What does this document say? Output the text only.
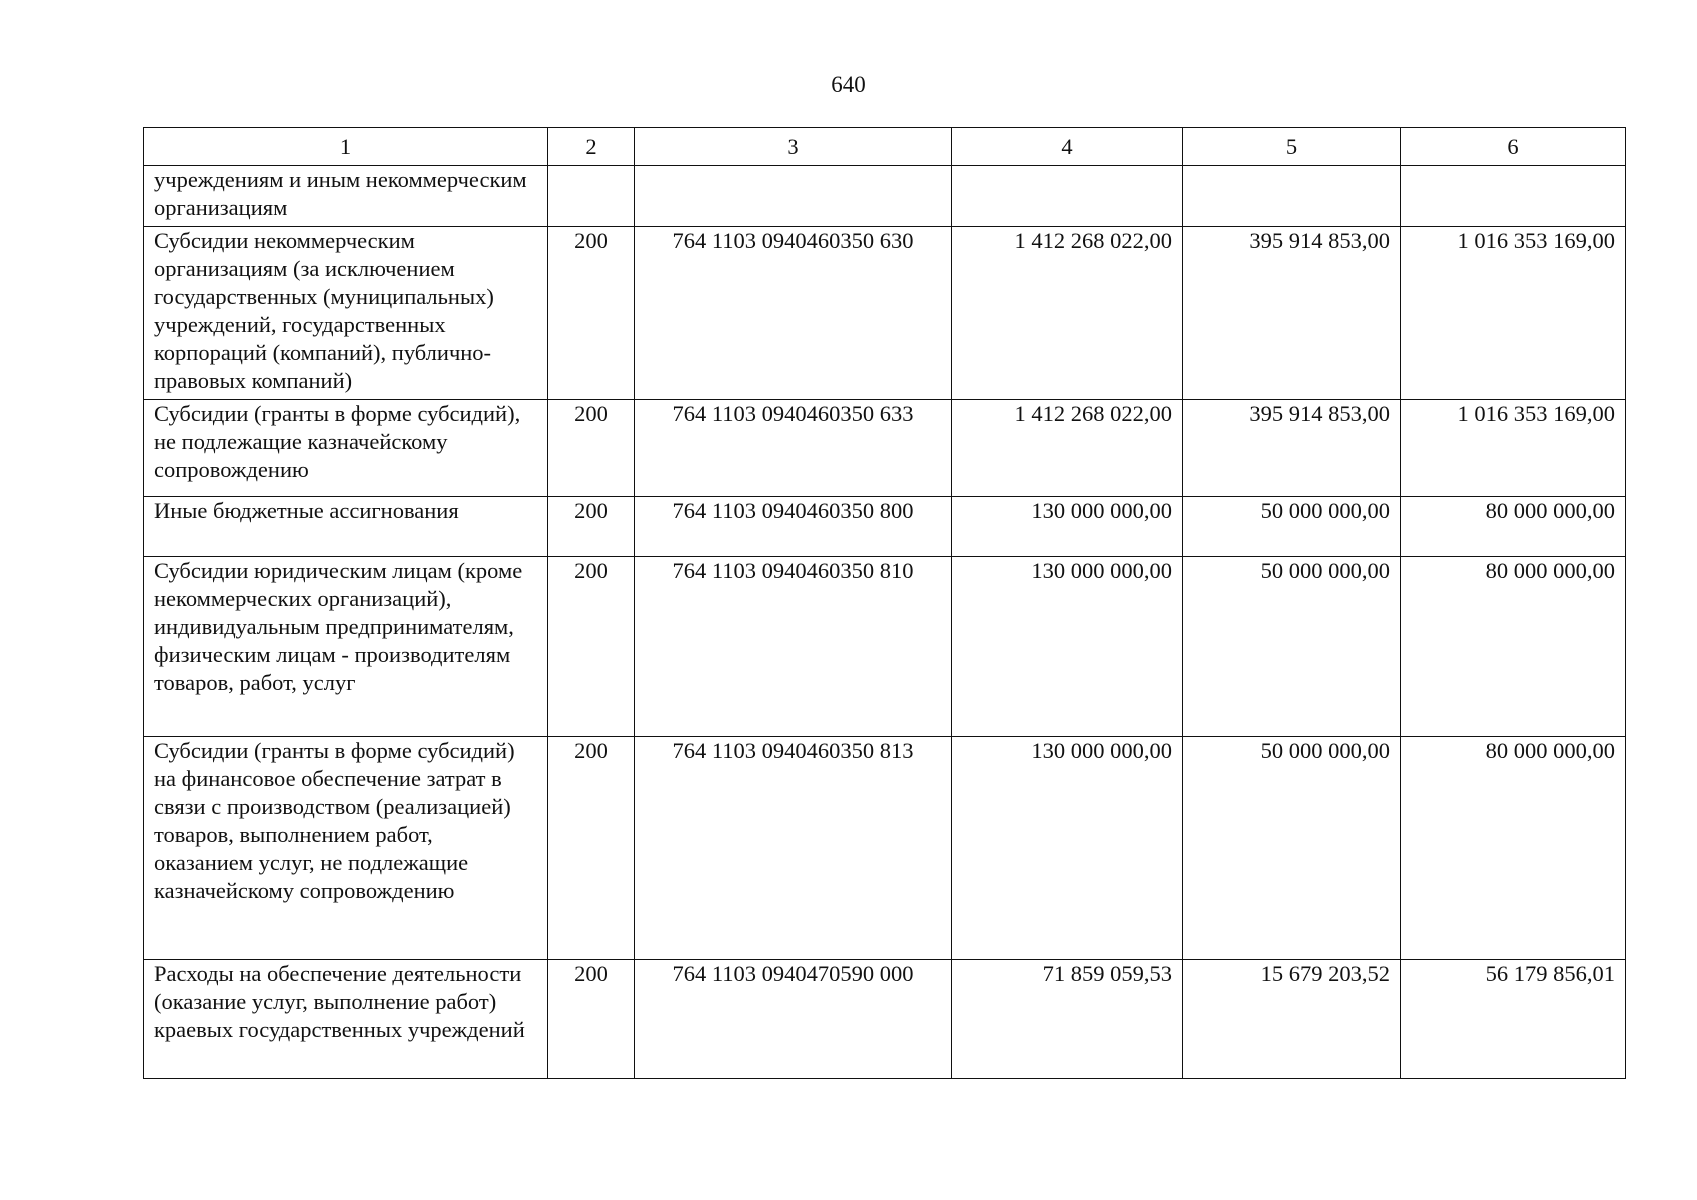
640
1	2	3	4	5	6
учреждениям и иным некоммерческим организациям					
Субсидии некоммерческим организациям (за исключением государственных (муниципальных) учреждений, государственных корпораций (компаний), публично-правовых компаний)	200	764 1103 0940460350 630	1 412 268 022,00	395 914 853,00	1 016 353 169,00
Субсидии (гранты в форме субсидий), не подлежащие казначейскому сопровождению	200	764 1103 0940460350 633	1 412 268 022,00	395 914 853,00	1 016 353 169,00
Иные бюджетные ассигнования	200	764 1103 0940460350 800	130 000 000,00	50 000 000,00	80 000 000,00
Субсидии юридическим лицам (кроме некоммерческих организаций), индивидуальным предпринимателям, физическим лицам - производителям товаров, работ, услуг	200	764 1103 0940460350 810	130 000 000,00	50 000 000,00	80 000 000,00
Субсидии (гранты в форме субсидий) на финансовое обеспечение затрат в связи с производством (реализацией) товаров, выполнением работ, оказанием услуг, не подлежащие казначейскому сопровождению	200	764 1103 0940460350 813	130 000 000,00	50 000 000,00	80 000 000,00
Расходы на обеспечение деятельности (оказание услуг, выполнение работ) краевых государственных учреждений	200	764 1103 0940470590 000	71 859 059,53	15 679 203,52	56 179 856,01
